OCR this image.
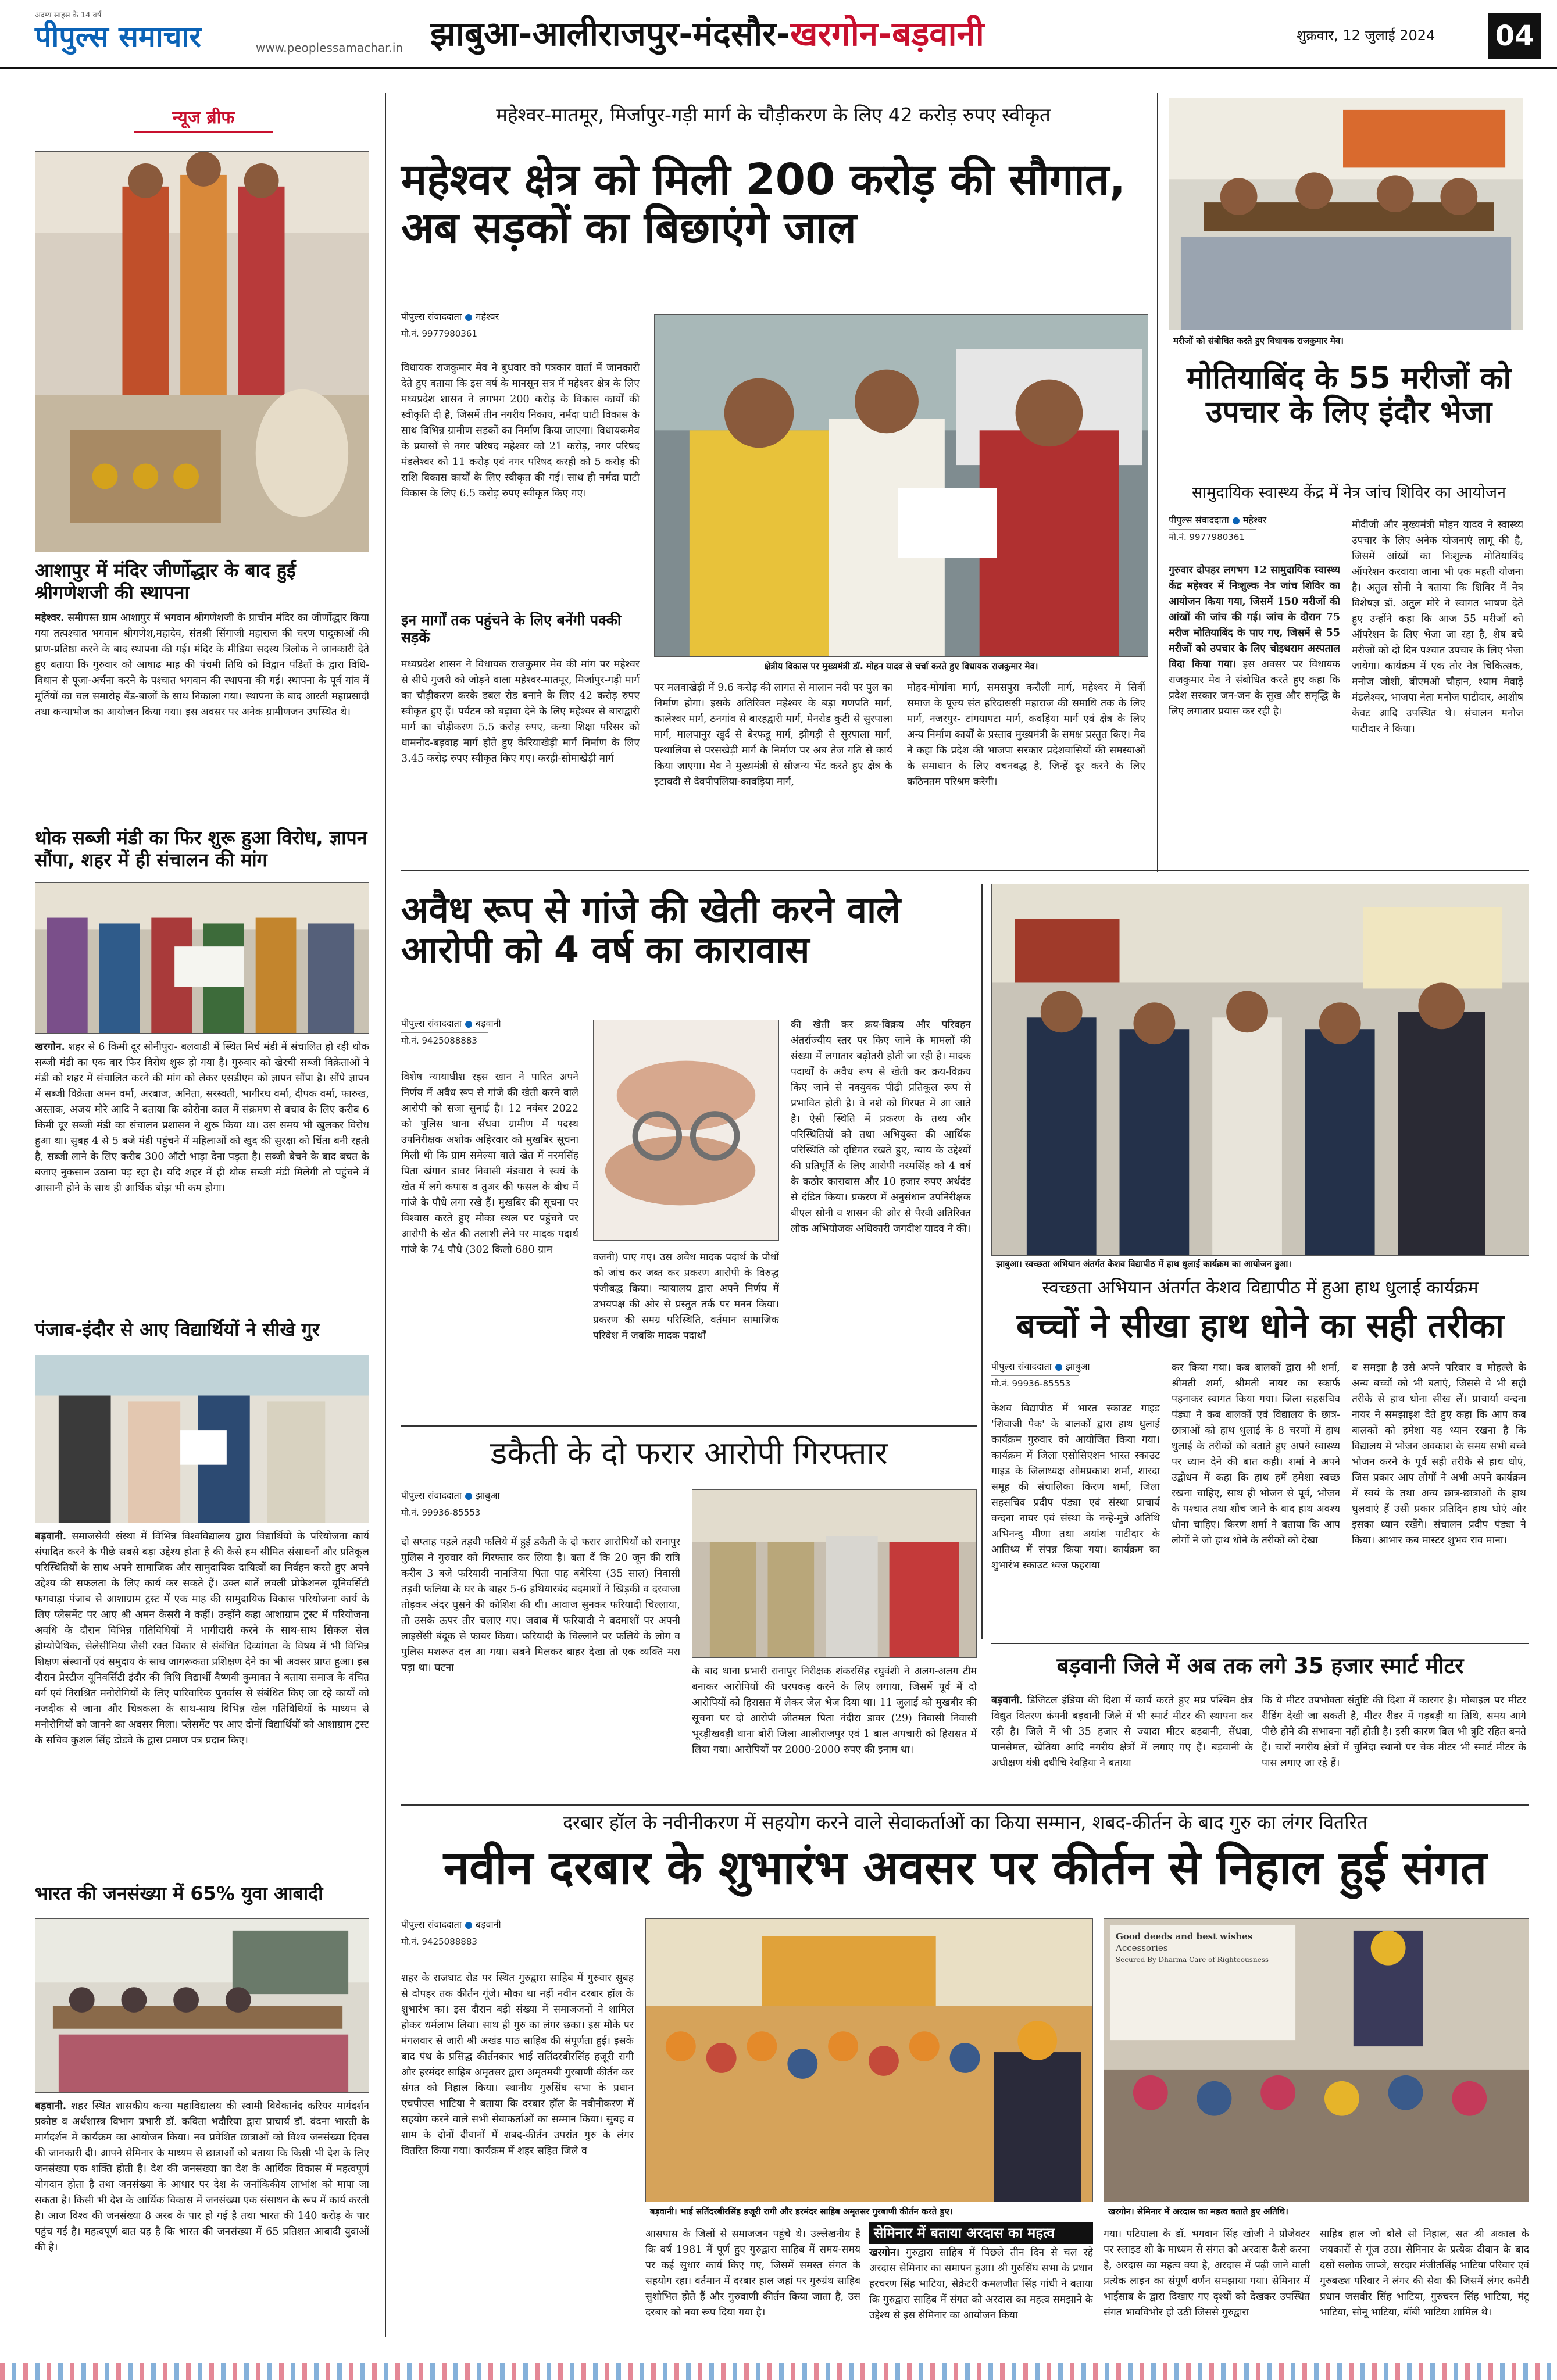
अदम्य साहस के 14 वर्ष
पीपुल्स समाचार	www.peoplessamachar.in झाबुआ-आलीराजपुर-मंदसौर-खरगोन-बड़वानी	शुक्रवार, 12 जुलाई 2024 04
न्यूज ब्रीफ
आशापुर में मंदिर जीर्णोद्धार के बाद हुई श्रीगणेशजी की स्थापना
महेश्वर. समीपस्त ग्राम आशापुर में भगवान श्रीगणेशजी के प्राचीन मंदिर का जीर्णोद्धार किया गया तत्पश्चात भगवान श्रीगणेश,महादेव, संतश्री सिंगाजी महाराज की चरण पादुकाओं की प्राण-प्रतिष्ठा करने के बाद स्थापना की गई। मंदिर के मीडिया सदस्य त्रिलोक ने जानकारी देते हुए बताया कि गुरुवार को आषाढ माह की पंचमी तिथि को विद्वान पंडितों के द्वारा विधि-विधान से पूजा-अर्चना करने के पश्चात भगवान की स्थापना की गई। स्थापना के पूर्व गांव में मूर्तियों का चल समारोह बैंड-बाजों के साथ निकाला गया। स्थापना के बाद आरती महाप्रसादी तथा कन्याभोज का आयोजन किया गया। इस अवसर पर अनेक ग्रामीणजन उपस्थित थे।
थोक सब्जी मंडी का फिर शुरू हुआ विरोध, ज्ञापन सौंपा, शहर में ही संचालन की मांग
खरगोन. शहर से 6 किमी दूर सोनीपुरा- बलवाडी में स्थित मिर्च मंडी में संचालित हो रही थोक सब्जी मंडी का एक बार फिर विरोध शुरू हो गया है। गुरुवार को खेरची सब्जी विक्रेताओं ने मंडी को शहर में संचालित करने की मांग को लेकर एसडीएम को ज्ञापन सौंपा है। सौंपे ज्ञापन में सब्जी विक्रेता अमन वर्मा, अरबाज, अनिता, सरस्वती, भागीरथ वर्मा, दीपक वर्मा, फारुख, अस्ताक, अजय मोरे आदि ने बताया कि कोरोना काल में संक्रमण से बचाव के लिए करीब 6 किमी दूर सब्जी मंडी का संचालन प्रशासन ने शुरू किया था। उस समय भी खुलकर विरोध हुआ था। सुबह 4 से 5 बजे मंडी पहुंचने में महिलाओं को खुद की सुरक्षा को चिंता बनी रहती है, सब्जी लाने के लिए करीब 300 ऑटो भाड़ा देना पड़ता है। सब्जी बेचने के बाद बचत के बजाए नुकसान उठाना पड़ रहा है। यदि शहर में ही थोक सब्जी मंडी मिलेगी तो पहुंचने में आसानी होने के साथ ही आर्थिक बोझ भी कम होगा।
पंजाब-इंदौर से आए विद्यार्थियों ने सीखे गुर
बड़वानी. समाजसेवी संस्था में विभिन्न विश्वविद्यालय द्वारा विद्यार्थियों के परियोजना कार्य संपादित करने के पीछे सबसे बड़ा उद्देश्य होता है की कैसे हम सीमित संसाधनों और प्रतिकूल परिस्थितियों के साथ अपने सामाजिक और सामुदायिक दायित्वों का निर्वहन करते हुए अपने उद्देश्य की सफलता के लिए कार्य कर सकते हैं। उक्त बातें लवली प्रोफेशनल यूनिवर्सिटी फगवाड़ा पंजाब से आशाग्राम ट्रस्ट में एक माह की सामुदायिक विकास परियोजना कार्य के लिए प्लेसमेंट पर आए श्री अमन केसरी ने कहीं। उन्होंने कहा आशाग्राम ट्रस्ट में परियोजना अवधि के दौरान विभिन्न गतिविधियों में भागीदारी करने के साथ-साथ सिकल सेल होम्योपैथिक, सेलेसीमिया जैसी रक्त विकार से संबंधित दिव्यांगता के विषय में भी विभिन्न शिक्षण संस्थानों एवं समुदाय के साथ जागरूकता प्रशिक्षण देने का भी अवसर प्राप्त हुआ। इस दौरान प्रेस्टीज यूनिवर्सिटी इंदौर की विधि विद्यार्थी वैष्णवी कुमावत ने बताया समाज के वंचित वर्ग एवं निराश्रित मनोरोगियों के लिए पारिवारिक पुनर्वास से संबंधित किए जा रहे कार्यों को नजदीक से जाना और चित्रकला के साथ-साथ विभिन्न खेल गतिविधियों के माध्यम से मनोरोगियों को जानने का अवसर मिला। प्लेसमेंट पर आए दोनों विद्यार्थियों को आशाग्राम ट्रस्ट के सचिव कुशल सिंह डोडवे के द्वारा प्रमाण पत्र प्रदान किए।
भारत की जनसंख्या में 65% युवा आबादी
बड़वानी. शहर स्थित शासकीय कन्या महाविद्यालय की स्वामी विवेकानंद करियर मार्गदर्शन प्रकोष्ठ व अर्थशास्त्र विभाग प्रभारी डॉ. कविता भदौरिया द्वारा प्राचार्य डॉ. वंदना भारती के मार्गदर्शन में कार्यक्रम का आयोजन किया। नव प्रवेशित छात्राओं को विश्व जनसंख्या दिवस की जानकारी दी। आपने सेमिनार के माध्यम से छात्राओं को बताया कि किसी भी देश के लिए जनसंख्या एक शक्ति होती है। देश की जनसंख्या का देश के आर्थिक विकास में महत्वपूर्ण योगदान होता है तथा जनसंख्या के आधार पर देश के जनांकिकीय लाभांश को मापा जा सकता है। किसी भी देश के आर्थिक विकास में जनसंख्या एक संसाधन के रूप में कार्य करती है। आज विश्व की जनसंख्या 8 अरब के पार हो गई है तथा भारत की 140 करोड़ के पार पहुंच गई है। महत्वपूर्ण बात यह है कि भारत की जनसंख्या में 65 प्रतिशत आबादी युवाओं की है।
महेश्वर-मातमूर, मिर्जापुर-गड़ी मार्ग के चौड़ीकरण के लिए 42 करोड़ रुपए स्वीकृत
महेश्वर क्षेत्र को मिली 200 करोड़ की सौगात, अब सड़कों का बिछाएंगे जाल
पीपुल्स संवाददाता महेश्वर
मो.नं. 9977980361
विधायक राजकुमार मेव ने बुधवार को पत्रकार वार्ता में जानकारी देते हुए बताया कि इस वर्ष के मानसून सत्र में महेश्वर क्षेत्र के लिए मध्यप्रदेश शासन ने लगभग 200 करोड़ के विकास कार्यों की स्वीकृति दी है, जिसमें तीन नगरीय निकाय, नर्मदा घाटी विकास के साथ विभिन्न ग्रामीण सड़कों का निर्माण किया जाएगा। विधायकमेव के प्रयासों से नगर परिषद महेश्वर को 21 करोड़, नगर परिषद मंडलेश्वर को 11 करोड़ एवं नगर परिषद करही को 5 करोड़ की राशि विकास कार्यों के लिए स्वीकृत की गई। साथ ही नर्मदा घाटी विकास के लिए 6.5 करोड़ रुपए स्वीकृत किए गए।
इन मार्गों तक पहुंचने के लिए बनेंगी पक्की सड़कें
मध्यप्रदेश शासन ने विधायक राजकुमार मेव की मांग पर महेश्वर से सीधे गुजरी को जोड़ने वाला महेश्वर-मातमूर, मिर्जापुर-गड़ी मार्ग का चौड़ीकरण करके डबल रोड बनाने के लिए 42 करोड़ रुपए स्वीकृत हुए हैं। पर्यटन को बढ़ावा देने के लिए महेश्वर से बाराद्वारी मार्ग का चौड़ीकरण 5.5 करोड़ रुपए, कन्या शिक्षा परिसर को धामनोद-बड़वाह मार्ग होते हुए केरियाखेड़ी मार्ग निर्माण के लिए 3.45 करोड़ रुपए स्वीकृत किए गए। करही-सोमाखेड़ी मार्ग
क्षेत्रीय विकास पर मुख्यमंत्री डॉ. मोहन यादव से चर्चा करते हुए विधायक राजकुमार मेव।
पर मलवाखेड़ी में 9.6 करोड़ की लागत से मालान नदी पर पुल का निर्माण होगा। इसके अतिरिक्त महेश्वर के बड़ा गणपति मार्ग, कालेश्वर मार्ग, ठनगांव से बारहद्वारी मार्ग, मेनरोड कुटी से सुरपाला मार्ग, मालपानुर खुर्द से बेरफडू मार्ग, झीगड़ी से सुरपाला मार्ग, पत्थालिया से परसखेड़ी मार्ग के निर्माण पर अब तेज गति से कार्य किया जाएगा। मेव ने मुख्यमंत्री से सौजन्य भेंट करते हुए क्षेत्र के इटावदी से देवपीपलिया-कावड़िया मार्ग,
मोहद-मोगांवा मार्ग, समसपुरा करौली मार्ग, महेश्वर में सिर्वी समाज के पूज्य संत हरिदाससी महाराज की समाधि तक के लिए मार्ग, नजरपुर- टांगयापटा मार्ग, कवड़िया मार्ग एवं क्षेत्र के लिए अन्य निर्माण कार्यों के प्रस्ताव मुख्यमंत्री के समक्ष प्रस्तुत किए। मेव ने कहा कि प्रदेश की भाजपा सरकार प्रदेशवासियों की समस्याओं के समाधान के लिए वचनबद्ध है, जिन्हें दूर करने के लिए कठिनतम परिश्रम करेगी।
मरीजों को संबोधित करते हुए विधायक राजकुमार मेव।
मोतियाबिंद के 55 मरीजों को उपचार के लिए इंदौर भेजा
सामुदायिक स्वास्थ्य केंद्र में नेत्र जांच शिविर का आयोजन
पीपुल्स संवाददाता महेश्वर
मो.नं. 9977980361
गुरुवार दोपहर लगभग 12 सामुदायिक स्वास्थ्य केंद्र महेश्वर में निःशुल्क नेत्र जांच शिविर का आयोजन किया गया, जिसमें 150 मरीजों की आंखों की जांच की गई। जांच के दौरान 75 मरीज मोतियाबिंद के पाए गए, जिसमें से 55 मरीजों को उपचार के लिए चोइथराम अस्पताल विदा किया गया। इस अवसर पर विधायक राजकुमार मेव ने संबोधित करते हुए कहा कि प्रदेश सरकार जन-जन के सुख और समृद्धि के लिए लगातार प्रयास कर रही है।
मोदीजी और मुख्यमंत्री मोहन यादव ने स्वास्थ्य उपचार के लिए अनेक योजनाएं लागू की है, जिसमें आंखों का निःशुल्क मोतियाबिंद ऑपरेशन करवाया जाना भी एक महती योजना है। अतुल सोनी ने बताया कि शिविर में नेत्र विशेषज्ञ डॉ. अतुल मोरे ने स्वागत भाषण देते हुए उन्होंने कहा कि आज 55 मरीजों को ऑपरेशन के लिए भेजा जा रहा है, शेष बचे मरीजों को दो दिन पश्चात उपचार के लिए भेजा जायेगा। कार्यक्रम में एक तोर नेत्र चिकित्सक, मनोज जोशी, बीएमओ चौहान, श्याम मेवाड़े मंडलेश्वर, भाजपा नेता मनोज पाटीदार, आशीष केवट आदि उपस्थित थे। संचालन मनोज पाटीदार ने किया।
अवैध रूप से गांजे की खेती करने वाले आरोपी को 4 वर्ष का कारावास
पीपुल्स संवाददाता बड़वानी
मो.नं. 9425088883
विशेष न्यायाधीश रइस खान ने पारित अपने निर्णय में अवैध रूप से गांजे की खेती करने वाले आरोपी को सजा सुनाई है। 12 नवंबर 2022 को पुलिस थाना सेंधवा ग्रामीण में पदस्थ उपनिरीक्षक अशोक अहिरवार को मुखबिर सूचना मिली थी कि ग्राम समेल्या वाले खेत में नरमसिंह पिता खंगान डावर निवासी मंडवारा ने स्वयं के खेत में लगे कपास व तुअर की फसल के बीच में गांजे के पौधे लगा रखे हैं। मुखबिर की सूचना पर विश्वास करते हुए मौका स्थल पर पहुंचने पर आरोपी के खेत की तलाशी लेने पर मादक पदार्थ गांजे के 74 पौधे (302 किलो 680 ग्राम
वजनी) पाए गए। उस अवैध मादक पदार्थ के पौधों को जांच कर जब्त कर प्रकरण आरोपी के विरुद्ध पंजीबद्ध किया। न्यायालय द्वारा अपने निर्णय में उभयपक्ष की ओर से प्रस्तुत तर्क पर मनन किया। प्रकरण की समग्र परिस्थिति, वर्तमान सामाजिक परिवेश में जबकि मादक पदार्थों
की खेती कर क्रय-विक्रय और परिवहन अंतर्राज्यीय स्तर पर किए जाने के मामलों की संख्या में लगातार बढ़ोतरी होती जा रही है। मादक पदार्थों के अवैध रूप से खेती कर क्रय-विक्रय किए जाने से नवयुवक पीढ़ी प्रतिकूल रूप से प्रभावित होती है। वे नशे को गिरफ्त में आ जाते है। ऐसी स्थिति में प्रकरण के तथ्य और परिस्थितियों को तथा अभियुक्त की आर्थिक परिस्थिति को दृष्टिगत रखते हुए, न्याय के उद्देश्यों की प्रतिपूर्ति के लिए आरोपी नरमसिंह को 4 वर्ष के कठोर कारावास और 10 हजार रुपए अर्थदंड से दंडित किया। प्रकरण में अनुसंधान उपनिरीक्षक बीएल सोनी व शासन की ओर से पैरवी अतिरिक्त लोक अभियोजक अधिकारी जगदीश यादव ने की।
झाबुआ। स्वच्छता अभियान अंतर्गत केशव विद्यापीठ में हाथ धुलाई कार्यक्रम का आयोजन हुआ।
स्वच्छता अभियान अंतर्गत केशव विद्यापीठ में हुआ हाथ धुलाई कार्यक्रम
बच्चों ने सीखा हाथ धोने का सही तरीका
पीपुल्स संवाददाता झाबुआ
मो.नं. 99936-85553
केशव विद्यापीठ में भारत स्काउट गाइड 'शिवाजी पैक' के बालकों द्वारा हाथ धुलाई कार्यक्रम गुरुवार को आयोजित किया गया। कार्यक्रम में जिला एसोसिएशन भारत स्काउट गाइड के जिलाध्यक्ष ओमप्रकाश शर्मा, शारदा समूह की संचालिका किरण शर्मा, जिला सहसचिव प्रदीप पंड्या एवं संस्था प्राचार्य वन्दना नायर एवं संस्था के नन्हे-मुन्ने अतिथि अभिनन्दु मीणा तथा अयांश पाटीदार के आतिथ्य में संपन्न किया गया। कार्यक्रम का शुभारंभ स्काउट ध्वज फहराया
कर किया गया। कब बालकों द्वारा श्री शर्मा, श्रीमती शर्मा, श्रीमती नायर का स्कार्फ पहनाकर स्वागत किया गया। जिला सहसचिव पंड्या ने कब बालकों एवं विद्यालय के छात्र-छात्राओं को हाथ धुलाई के 8 चरणों में हाथ धुलाई के तरीकों को बताते हुए अपने स्वास्थ्य पर ध्यान देने की बात कही। शर्मा ने अपने उद्बोधन में कहा कि हाथ हमें हमेशा स्वच्छ रखना चाहिए, साथ ही भोजन से पूर्व, भोजन के पश्चात तथा शौच जाने के बाद हाथ अवश्य धोना चाहिए। किरण शर्मा ने बताया कि आप लोगों ने जो हाथ धोने के तरीकों को देखा
व समझा है उसे अपने परिवार व मोहल्ले के अन्य बच्चों को भी बताएं, जिससे वे भी सही तरीके से हाथ धोना सीख लें। प्राचार्या वन्दना नायर ने समझाइश देते हुए कहा कि आप कब बालकों को हमेशा यह ध्यान रखना है कि विद्यालय में भोजन अवकाश के समय सभी बच्चे भोजन करने के पूर्व सही तरीके से हाथ धोएं, जिस प्रकार आप लोगों ने अभी अपने कार्यक्रम में स्वयं के तथा अन्य छात्र-छात्राओं के हाथ धुलवाएं हैं उसी प्रकार प्रतिदिन हाथ धोएं और इसका ध्यान रखेंगे। संचालन प्रदीप पंड्या ने किया। आभार कब मास्टर शुभव राव माना।
डकैती के दो फरार आरोपी गिरफ्तार
पीपुल्स संवाददाता झाबुआ
मो.नं. 99936-85553
दो सप्ताह पहले तड़वी फलिये में हुई डकैती के दो फरार आरोपियों को रानापुर पुलिस ने गुरुवार को गिरफ्तार कर लिया है। बता दें कि 20 जून की रात्रि करीब 3 बजे फरियादी नानजिया पिता पाह बबेरिया (35 साल) निवासी तड़वी फलिया के घर के बाहर 5-6 हथियारबंद बदमाशों ने खिड़की व दरवाजा तोड़कर अंदर घुसने की कोशिश की थी। आवाज सुनकर फरियादी चिल्लाया, तो उसके ऊपर तीर चलाए गए। जवाब में फरियादी ने बदमाशों पर अपनी लाइसेंसी बंदूक से फायर किया। फरियादी के चिल्लाने पर फलिये के लोग व पुलिस मशरूत दल आ गया। सबने मिलकर बाहर देखा तो एक व्यक्ति मरा पड़ा था। घटना	के बाद थाना प्रभारी रानापुर निरीक्षक शंकरसिंह रघुवंशी ने अलग-अलग टीम बनाकर आरोपियों की धरपकड़ करने के लिए लगाया, जिसमें पूर्व में दो आरोपियों को हिरासत में लेकर जेल भेज दिया था। 11 जुलाई को मुखबीर की सूचना पर दो आरोपी जीतमल पिता नंदीरा डावर (29) निवासी निवासी भूरड़ीखवड़ी थाना बोरी जिला आलीराजपुर एवं 1 बाल अपचारी को हिरासत में लिया गया। आरोपियों पर 2000-2000 रुपए की इनाम था।
बड़वानी जिले में अब तक लगे 35 हजार स्मार्ट मीटर
बड़वानी. डिजिटल इंडिया की दिशा में कार्य करते हुए मप्र पश्चिम क्षेत्र विद्युत वितरण कंपनी बड़वानी जिले में भी स्मार्ट मीटर की स्थापना कर रही है। जिले में भी 35 हजार से ज्यादा मीटर बड़वानी, सेंधवा, पानसेमल, खेतिया आदि नगरीय क्षेत्रों में लगाए गए हैं। बड़वानी के अधीक्षण यंत्री दधीचि रेवड़िया ने बताया
कि ये मीटर उपभोक्ता संतुष्टि की दिशा में कारगर है। मोबाइल पर मीटर रीडिंग देखी जा सकती है, मीटर रीडर में गड़बड़ी या तिथि, समय आगे पीछे होने की संभावना नहीं होती है। इसी कारण बिल भी त्रुटि रहित बनते हैं। चारों नगरीय क्षेत्रों में चुनिंदा स्थानों पर चेक मीटर भी स्मार्ट मीटर के पास लगाए जा रहे हैं।
दरबार हॉल के नवीनीकरण में सहयोग करने वाले सेवाकर्ताओं का किया सम्मान, शबद-कीर्तन के बाद गुरु का लंगर वितरित
नवीन दरबार के शुभारंभ अवसर पर कीर्तन से निहाल हुई संगत
पीपुल्स संवाददाता बड़वानी
मो.नं. 9425088883
शहर के राजघाट रोड पर स्थित गुरुद्वारा साहिब में गुरुवार सुबह से दोपहर तक कीर्तन गूंजे। मौका था नहीं नवीन दरबार हॉल के शुभारंभ का। इस दौरान बड़ी संख्या में समाजजनों ने शामिल होकर धर्मलाभ लिया। साथ ही गुरु का लंगर छका। इस मौके पर मंगलवार से जारी श्री अखंड पाठ साहिब की संपूर्णता हुई। इसके बाद पंथ के प्रसिद्ध कीर्तनकार भाई सतिंदरबीरसिंह हजूरी रागी और हरमंदर साहिब अमृतसर द्वारा अमृतमयी गुरबाणी कीर्तन कर संगत को निहाल किया। स्थानीय गुरुसिंघ सभा के प्रधान एचपीएस भाटिया ने बताया कि दरबार हॉल के नवीनीकरण में सहयोग करने वाले सभी सेवाकर्ताओं का सम्मान किया। सुबह व शाम के दोनों दीवानों में शबद-कीर्तन उपरांत गुरु के लंगर वितरित किया गया। कार्यक्रम में शहर सहित जिले व
बड़वानी। भाई सतिंदरबीरसिंह हजूरी रागी और हरमंदर साहिब अमृतसर गुरबाणी कीर्तन करते हुए।
आसपास के जिलों से समाजजन पहुंचे थे। उल्लेखनीय है कि वर्ष 1981 में पूर्ण हुए गुरुद्वारा साहिब में समय-समय पर कई सुधार कार्य किए गए, जिसमें समस्त संगत के सहयोग रहा। वर्तमान में दरबार हाल जहां पर गुरुग्रंथ साहिब सुशोभित होते हैं और गुरुवाणी कीर्तन किया जाता है, उस दरबार को नया रूप दिया गया है।
सेमिनार में बताया अरदास का महत्व
खरगोन। गुरुद्वारा साहिब में पिछले तीन दिन से चल रहे अरदास सेमिनार का समापन हुआ। श्री गुरुसिंघ सभा के प्रधान हरचरण सिंह भाटिया, सेक्रेटरी कमलजीत सिंह गांधी ने बताया कि गुरुद्वारा साहिब में संगत को अरदास का महत्व समझाने के उद्देश्य से इस सेमिनार का आयोजन किया
Good deeds and best wishes
Accessories
Secured By Dharma Care of Righteousness
खरगोन। सेमिनार में अरदास का महत्व बताते हुए अतिथि।
गया। पटियाला के डॉ. भगवान सिंह खोजी ने प्रोजेक्टर पर स्लाइड शो के माध्यम से संगत को अरदास कैसे करना है, अरदास का महत्व क्या है, अरदास में पढ़ी जाने वाली प्रत्येक लाइन का संपूर्ण वर्णन समझाया गया। सेमिनार में भाईसाब के द्वारा दिखाए गए दृश्यों को देखकर उपस्थित संगत भावविभोर हो उठी जिससे गुरुद्वारा
साहिब हाल जो बोले सो निहाल, सत श्री अकाल के जयकारों से गूंज उठा। सेमिनार के प्रत्येक दीवान के बाद दसों सलोक जाप्जे, सरदार मंजीतसिंह भाटिया परिवार एवं गुरुबख्श परिवार ने लंगर की सेवा की जिसमें लंगर कमेटी प्रधान जसवीर सिंह भाटिया, गुरुचरन सिंह भाटिया, मंटू भाटिया, सोनू भाटिया, बॉबी भाटिया शामिल थे।
